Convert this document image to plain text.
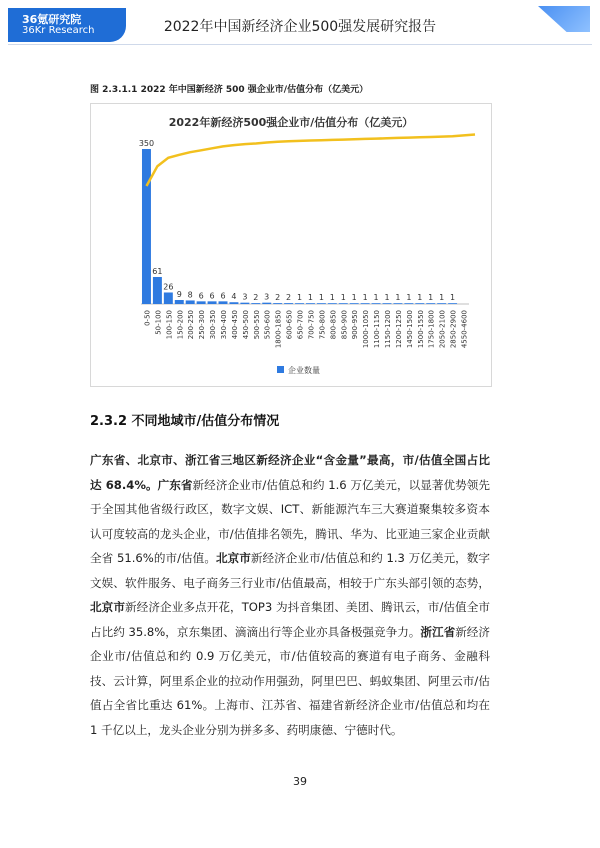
36氪研究院
36Kr Research	2022年中国新经济企业500强发展研究报告
图 2.3.1.1 2022 年中国新经济 500 强企业市/估值分布（亿美元）
2022年新经济500强企业市/估值分布（亿美元）
350
61
26
9 8 6 6 6 4 3 2 3 2 2 1 1 1 1 1 1 1 1 1 1 1 1 1 1 1
0-50 50-100 100-150 150-200 200-250 250-300 300-350 350-400 400-450 450-500 500-550 550-600 1800-1850 600-650 650-700 700-750 750-800 800-850 850-900 900-950 1000-1050 1100-1150 1150-1200 1200-1250 1450-1500 1500-1550 1750-1800 2050-2100 2850-2900 4550-4600
企业数量
2.3.2 不同地域市/估值分布情况

广东省、北京市、浙江省三地区新经济企业“含金量”最高，市/估值全国占比达 68.4%。广东省新经济企业市/估值总和约 1.6 万亿美元，以显著优势领先于全国其他省级行政区，数字文娱、ICT、新能源汽车三大赛道聚集较多资本认可度较高的龙头企业，市/估值排名领先，腾讯、华为、比亚迪三家企业贡献全省 51.6%的市/估值。北京市新经济企业市/估值总和约 1.3 万亿美元，数字文娱、软件服务、电子商务三行业市/估值最高，相较于广东头部引领的态势，北京市新经济企业多点开花，TOP3 为抖音集团、美团、腾讯云，市/估值全市占比约 35.8%，京东集团、滴滴出行等企业亦具备极强竞争力。浙江省新经济企业市/估值总和约 0.9 万亿美元，市/估值较高的赛道有电子商务、金融科技、云计算，阿里系企业的拉动作用强劲，阿里巴巴、蚂蚁集团、阿里云市/估值占全省比重达 61%。上海市、江苏省、福建省新经济企业市/估值总和均在 1 千亿以上，龙头企业分别为拼多多、药明康德、宁德时代。

39
